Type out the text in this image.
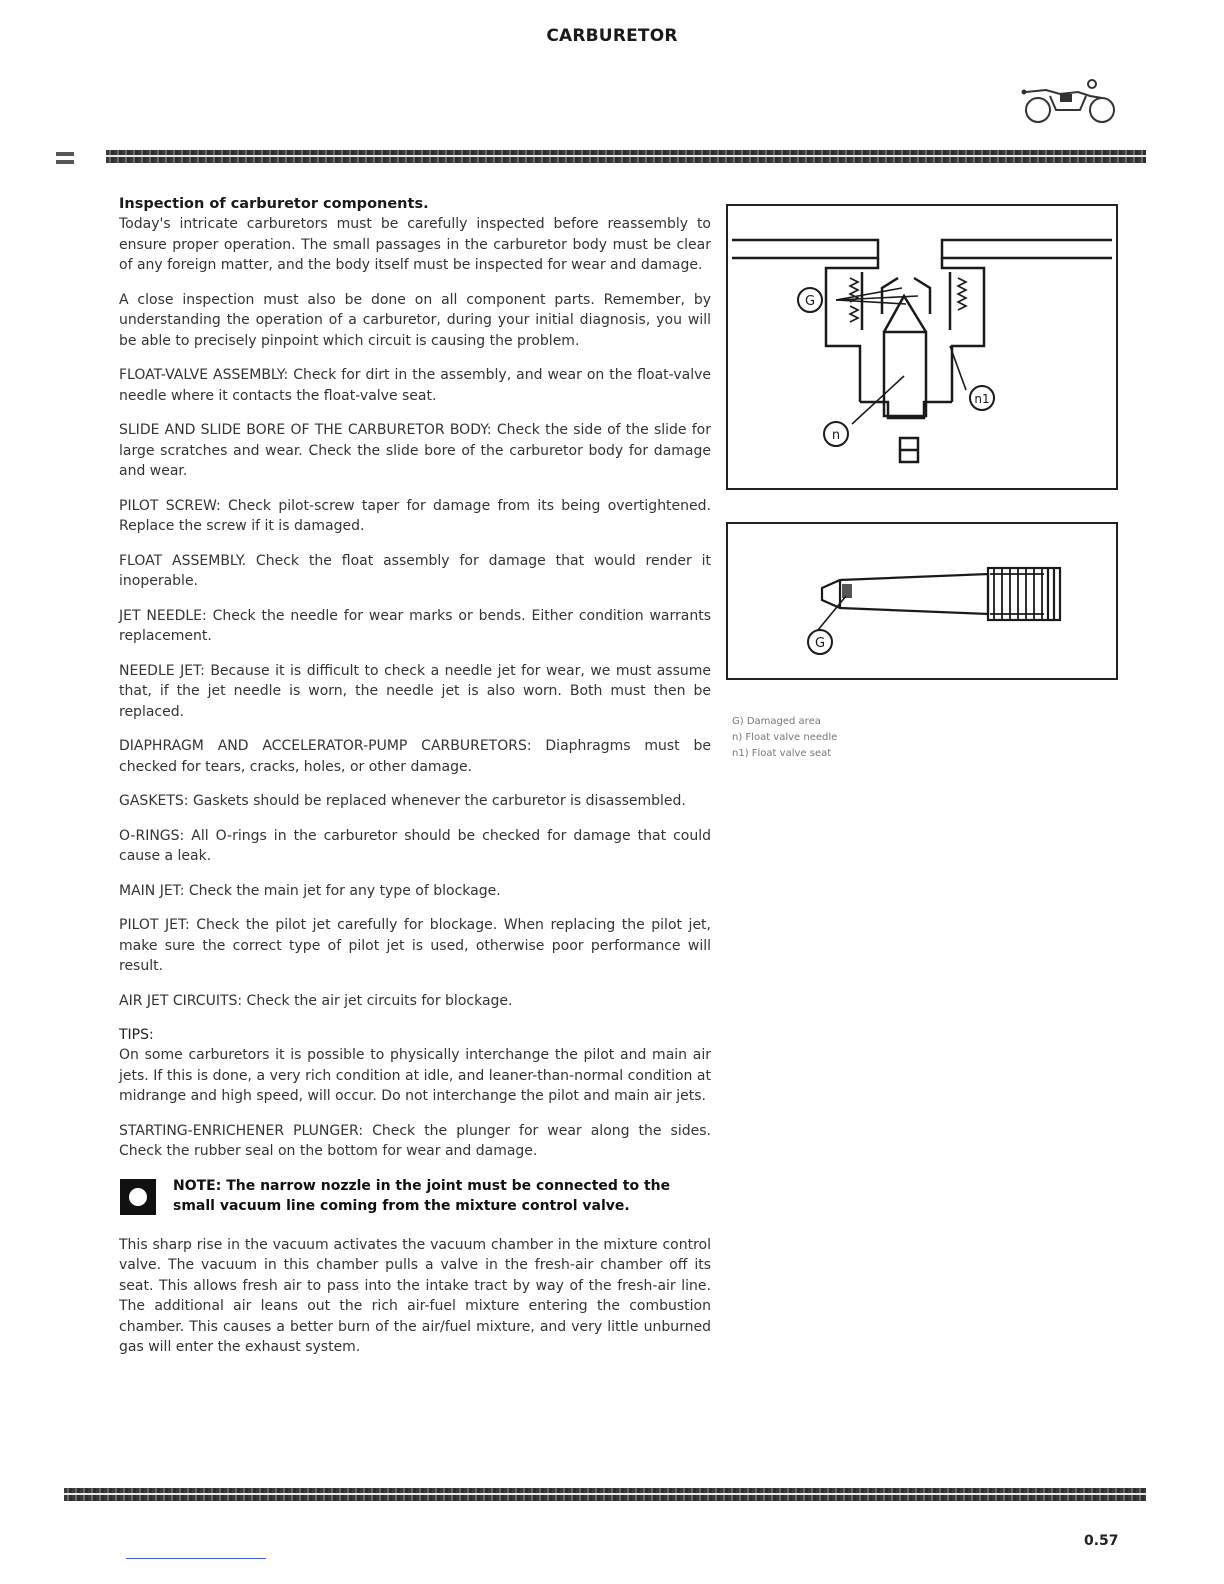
CARBURETOR
Inspection of carburetor components.

Today's intricate carburetors must be carefully inspected before reassembly to ensure proper operation. The small passages in the carburetor body must be clear of any foreign matter, and the body itself must be inspected for wear and damage.

A close inspection must also be done on all component parts. Remember, by understanding the operation of a carburetor, during your initial diagnosis, you will be able to precisely pinpoint which circuit is causing the problem.

FLOAT-VALVE ASSEMBLY: Check for dirt in the assembly, and wear on the float-valve needle where it contacts the float-valve seat.

SLIDE AND SLIDE BORE OF THE CARBURETOR BODY: Check the side of the slide for large scratches and wear. Check the slide bore of the carburetor body for damage and wear.

PILOT SCREW: Check pilot-screw taper for damage from its being overtightened. Replace the screw if it is damaged.

FLOAT ASSEMBLY. Check the float assembly for damage that would render it inoperable.

JET NEEDLE: Check the needle for wear marks or bends. Either condition warrants replacement.

NEEDLE JET: Because it is difficult to check a needle jet for wear, we must assume that, if the jet needle is worn, the needle jet is also worn. Both must then be replaced.

DIAPHRAGM AND ACCELERATOR-PUMP CARBURETORS: Diaphragms must be checked for tears, cracks, holes, or other damage.

GASKETS: Gaskets should be replaced whenever the carburetor is disassembled.

O-RINGS: All O-rings in the carburetor should be checked for damage that could cause a leak.

MAIN JET: Check the main jet for any type of blockage.

PILOT JET: Check the pilot jet carefully for blockage. When replacing the pilot jet, make sure the correct type of pilot jet is used, otherwise poor performance will result.

AIR JET CIRCUITS: Check the air jet circuits for blockage.

TIPS:

On some carburetors it is possible to physically interchange the pilot and main air jets. If this is done, a very rich condition at idle, and leaner-than-normal condition at midrange and high speed, will occur. Do not interchange the pilot and main air jets.

STARTING-ENRICHENER PLUNGER: Check the plunger for wear along the sides. Check the rubber seal on the bottom for wear and damage.

NOTE: The narrow nozzle in the joint must be connected to the small vacuum line coming from the mixture control valve.

This sharp rise in the vacuum activates the vacuum chamber in the mixture control valve. The vacuum in this chamber pulls a valve in the fresh-air chamber off its seat. This allows fresh air to pass into the intake tract by way of the fresh-air line. The additional air leans out the rich air-fuel mixture entering the combustion chamber. This causes a better burn of the air/fuel mixture, and very little unburned gas will enter the exhaust system.

G
n
n1
G
G) Damaged area
n) Float valve needle
n1) Float valve seat
0.57
